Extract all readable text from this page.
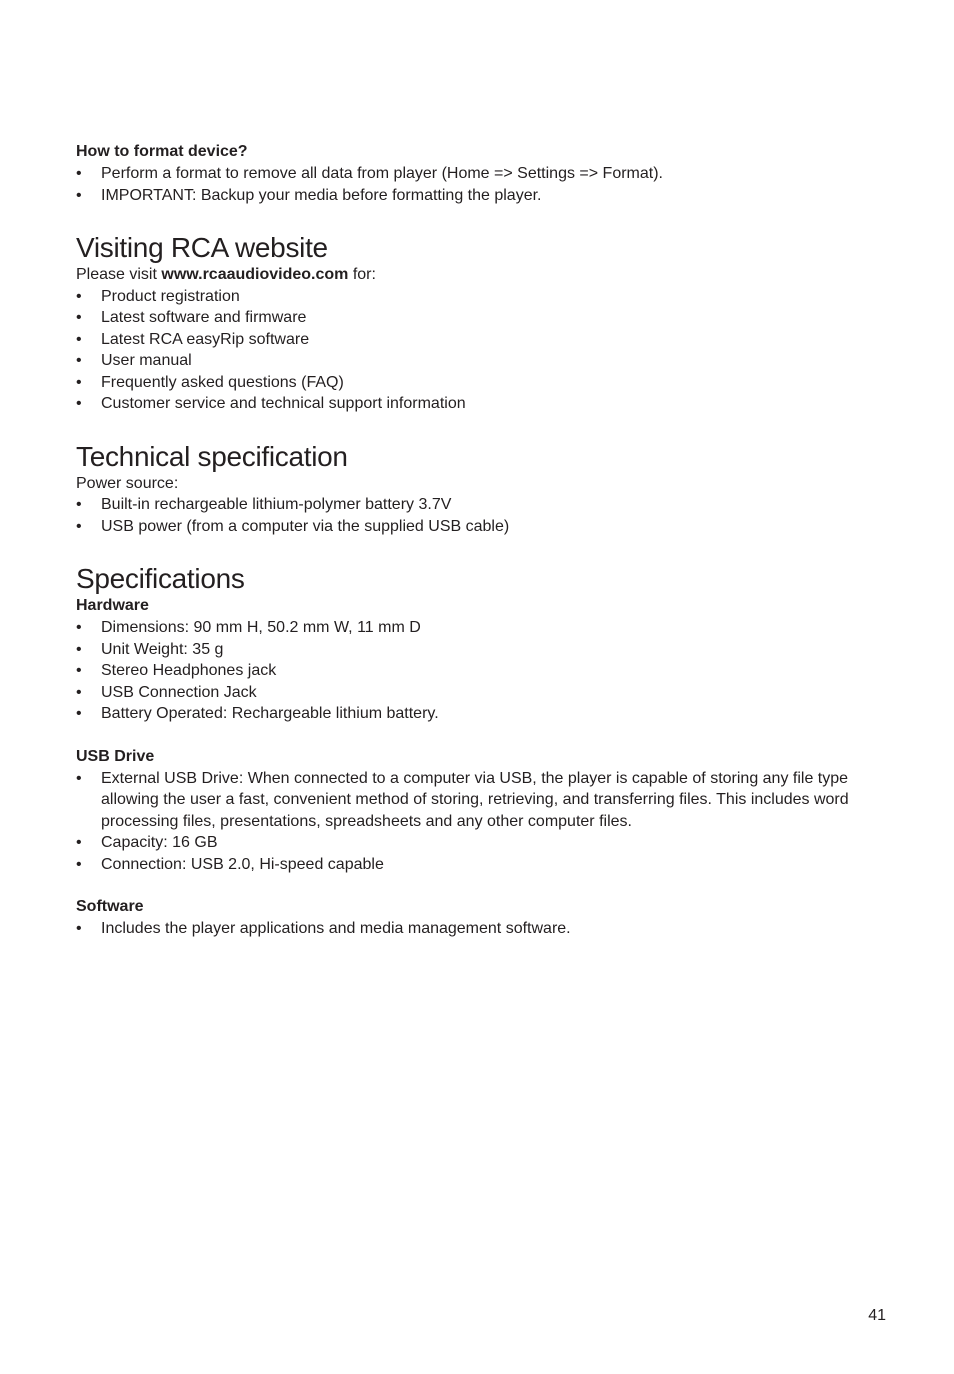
How to format device?

• Perform a format to remove all data from player (Home => Settings => Format).
• IMPORTANT: Backup your media before formatting the player.
Visiting RCA website

Please visit www.rcaaudiovideo.com for:

• Product registration
• Latest software and firmware
• Latest RCA easyRip software
• User manual
• Frequently asked questions (FAQ)
• Customer service and technical support information
Technical specification

Power source:

• Built-in rechargeable lithium-polymer battery 3.7V
• USB power (from a computer via the supplied USB cable)
Specifications

Hardware

• Dimensions: 90 mm H, 50.2 mm W, 11 mm D
• Unit Weight: 35 g
• Stereo Headphones jack
• USB Connection Jack
• Battery Operated: Rechargeable lithium battery.

USB Drive

• External USB Drive: When connected to a computer via USB, the player is capable of storing any file type allowing the user a fast, convenient method of storing, retrieving, and transferring files. This includes word processing files, presentations, spreadsheets and any other computer files.
• Capacity: 16 GB
• Connection: USB 2.0, Hi-speed capable

Software

• Includes the player applications and media management software.
41
